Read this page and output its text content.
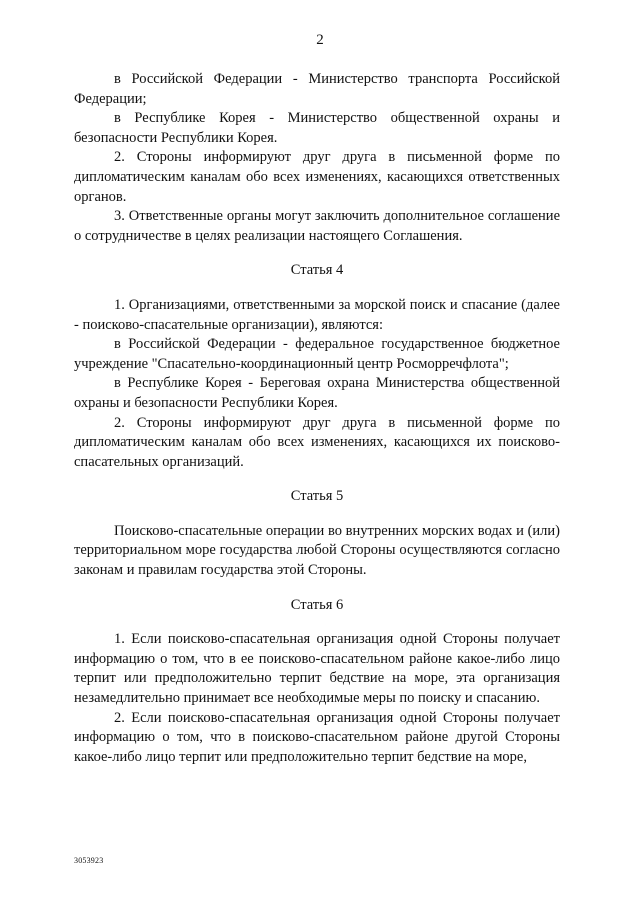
2

в Российской Федерации - Министерство транспорта Российской Федерации;

в Республике Корея - Министерство общественной охраны и безопасности Республики Корея.

2. Стороны информируют друг друга в письменной форме по дипломатическим каналам обо всех изменениях, касающихся ответственных органов.

3. Ответственные органы могут заключить дополнительное соглашение о сотрудничестве в целях реализации настоящего Соглашения.

Статья 4

1. Организациями, ответственными за морской поиск и спасание (далее - поисково-спасательные организации), являются:

в Российской Федерации - федеральное государственное бюджетное учреждение "Спасательно-координационный центр Росморречфлота";

в Республике Корея - Береговая охрана Министерства общественной охраны и безопасности Республики Корея.

2. Стороны информируют друг друга в письменной форме по дипломатическим каналам обо всех изменениях, касающихся их поисково-спасательных организаций.

Статья 5

Поисково-спасательные операции во внутренних морских водах и (или) территориальном море государства любой Стороны осуществляются согласно законам и правилам государства этой Стороны.

Статья 6

1. Если поисково-спасательная организация одной Стороны получает информацию о том, что в ее поисково-спасательном районе какое-либо лицо терпит или предположительно терпит бедствие на море, эта организация незамедлительно принимает все необходимые меры по поиску и спасанию.

2. Если поисково-спасательная организация одной Стороны получает информацию о том, что в поисково-спасательном районе другой Стороны какое-либо лицо терпит или предположительно терпит бедствие на море,

3053923
